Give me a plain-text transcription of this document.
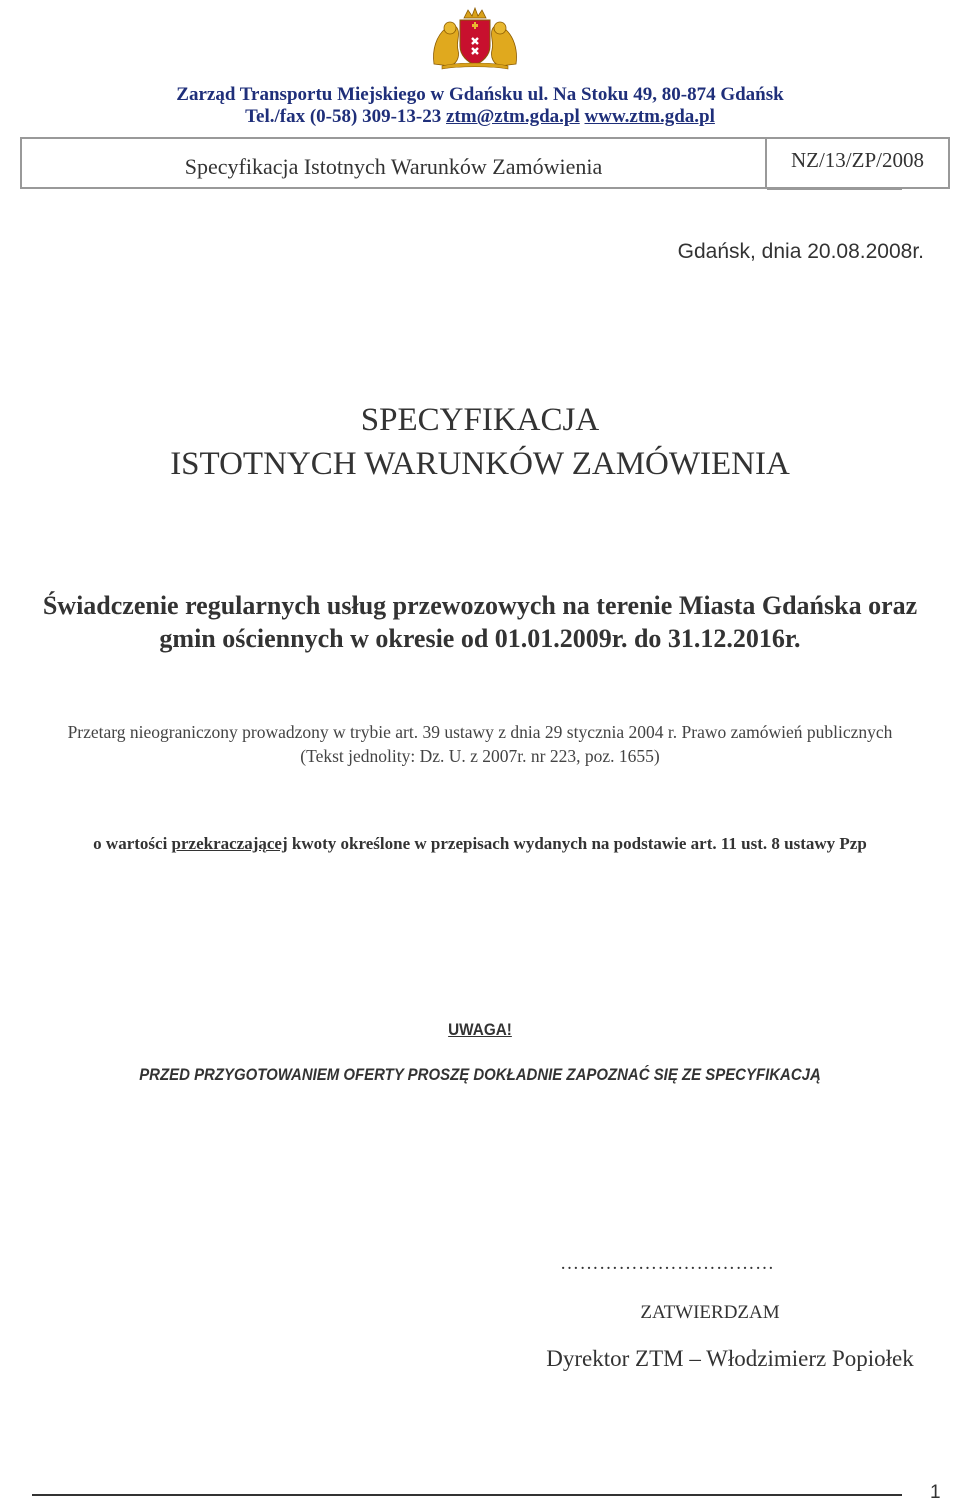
Zarząd Transportu Miejskiego w Gdańsku ul. Na Stoku 49, 80-874 Gdańsk
Tel./fax (0-58) 309-13-23 ztm@ztm.gda.pl www.ztm.gda.pl
Specyfikacja Istotnych Warunków Zamówienia	NZ/13/ZP/2008
Gdańsk, dnia 20.08.2008r.
SPECYFIKACJA
ISTOTNYCH WARUNKÓW ZAMÓWIENIA
Świadczenie regularnych usług przewozowych na terenie Miasta Gdańska oraz
gmin ościennych w okresie od 01.01.2009r. do 31.12.2016r.
Przetarg nieograniczony prowadzony w trybie art. 39 ustawy z dnia 29 stycznia 2004 r. Prawo zamówień publicznych
(Tekst jednolity: Dz. U. z 2007r. nr 223, poz. 1655)
o wartości przekraczającej kwoty określone w przepisach wydanych na podstawie art. 11 ust. 8 ustawy Pzp
UWAGA!
PRZED PRZYGOTOWANIEM OFERTY PROSZĘ DOKŁADNIE ZAPOZNAĆ SIĘ ZE SPECYFIKACJĄ
……………………………
ZATWIERDZAM
Dyrektor ZTM – Włodzimierz Popiołek
1
